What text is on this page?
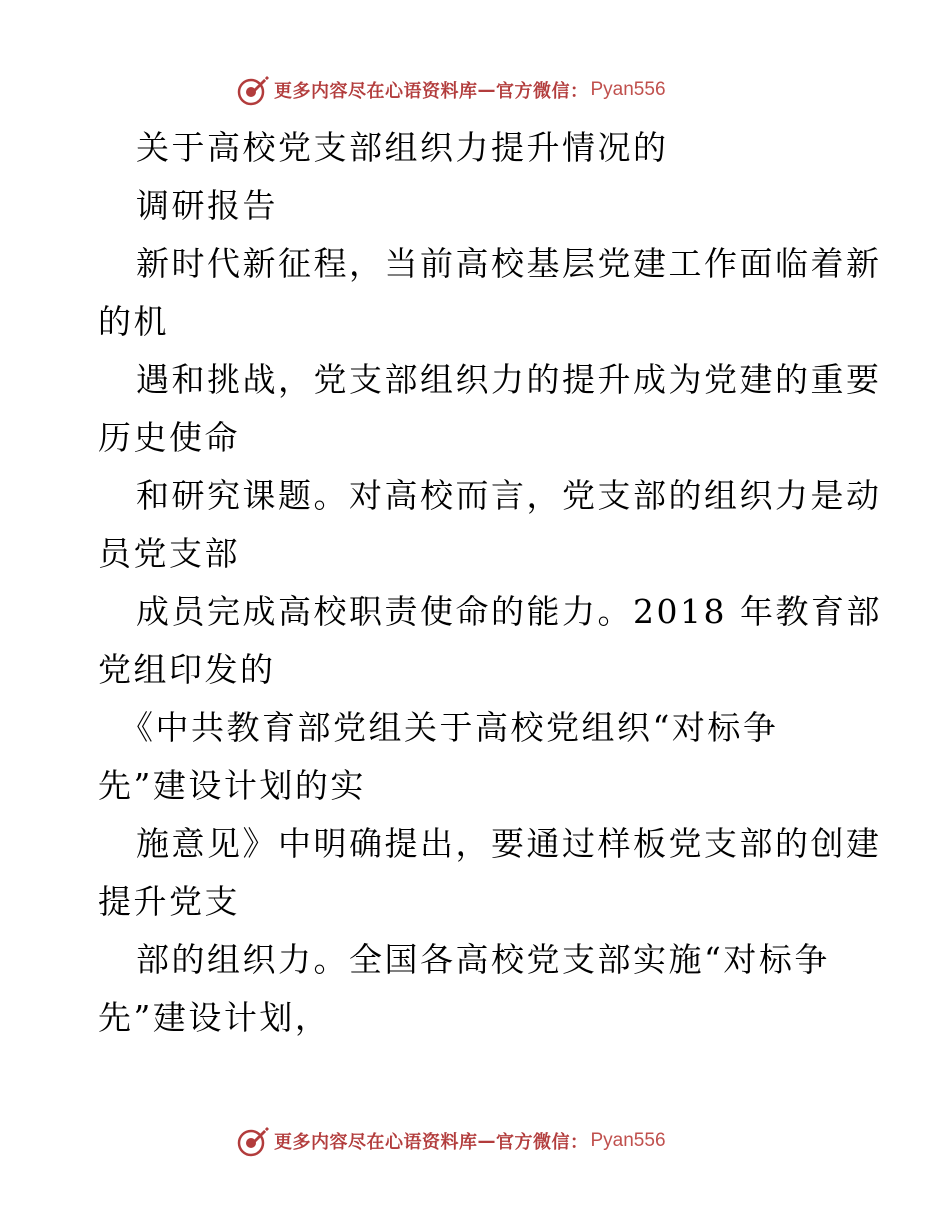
更多内容尽在心语资料库 — 官方微信： Pyan556
关于高校党支部组织力提升情况的
调研报告
新时代新征程，当前高校基层党建工作面临着新
的机
遇和挑战，党支部组织力的提升成为党建的重要
历史使命
和研究课题。对高校而言，党支部的组织力是动
员党支部
成员完成高校职责使命的能力。2018 年教育部
党组印发的
《中共教育部党组关于高校党组织“对标争
先”建设计划的实
施意见》中明确提出，要通过样板党支部的创建
提升党支
部的组织力。全国各高校党支部实施“对标争
先”建设计划，
更多内容尽在心语资料库 — 官方微信： Pyan556
